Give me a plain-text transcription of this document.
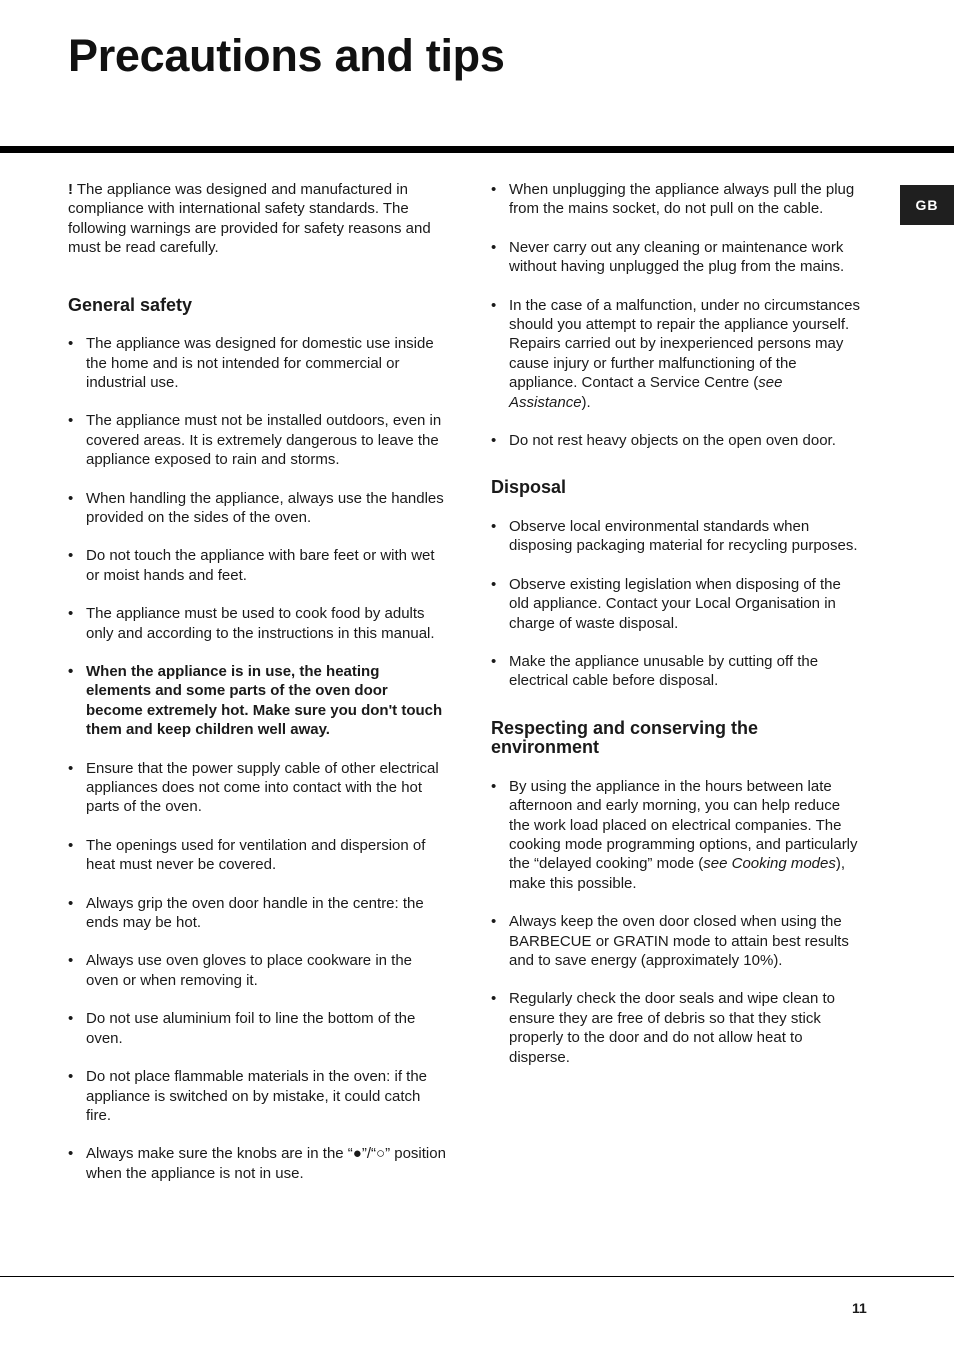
Precautions and tips
GB

! The appliance was designed and manufactured in compliance with international safety standards. The following warnings are provided for safety reasons and must be read carefully.

General safety
• The appliance was designed for domestic use inside the home and is not intended for commercial or industrial use.
• The appliance must not be installed outdoors, even in covered areas. It is extremely dangerous to leave the appliance exposed to rain and storms.
• When handling the appliance, always use the handles provided on the sides of the oven.
• Do not touch the appliance with bare feet or with wet or moist hands and feet.
• The appliance must be used to cook food by adults only and according to the instructions in this manual.
• When the appliance is in use, the heating elements and some parts of the oven door become extremely hot. Make sure you don't touch them and keep children well away.
• Ensure that the power supply cable of other electrical appliances does not come into contact with the hot parts of the oven.
• The openings used for ventilation and dispersion of heat must never be covered.
• Always grip the oven door handle in the centre: the ends may be hot.
• Always use oven gloves to place cookware in the oven or when removing it.
• Do not use aluminium foil to line the bottom of the oven.
• Do not place flammable materials in the oven: if the appliance is switched on by mistake, it could catch fire.
• Always make sure the knobs are in the “●”/“○” position when the appliance is not in use.
• When unplugging the appliance always pull the plug from the mains socket, do not pull on the cable.
• Never carry out any cleaning or maintenance work without having unplugged the plug from the mains.
• In the case of a malfunction, under no circumstances should you attempt to repair the appliance yourself. Repairs carried out by inexperienced persons may cause injury or further malfunctioning of the appliance. Contact a Service Centre (see Assistance).
• Do not rest heavy objects on the open oven door.
Disposal
• Observe local environmental standards when disposing packaging material for recycling purposes.
• Observe existing legislation when disposing of the old appliance. Contact your Local Organisation in charge of waste disposal.
• Make the appliance unusable by cutting off the electrical cable before disposal.
Respecting and conserving the environment
• By using the appliance in the hours between late afternoon and early morning, you can help reduce the work load placed on electrical companies. The cooking mode programming options, and particularly the “delayed cooking” mode (see Cooking modes), make this possible.
• Always keep the oven door closed when using the BARBECUE or GRATIN mode to attain best results and to save energy (approximately 10%).
• Regularly check the door seals and wipe clean to ensure they are free of debris so that they stick properly to the door and do not allow heat to disperse.
11
